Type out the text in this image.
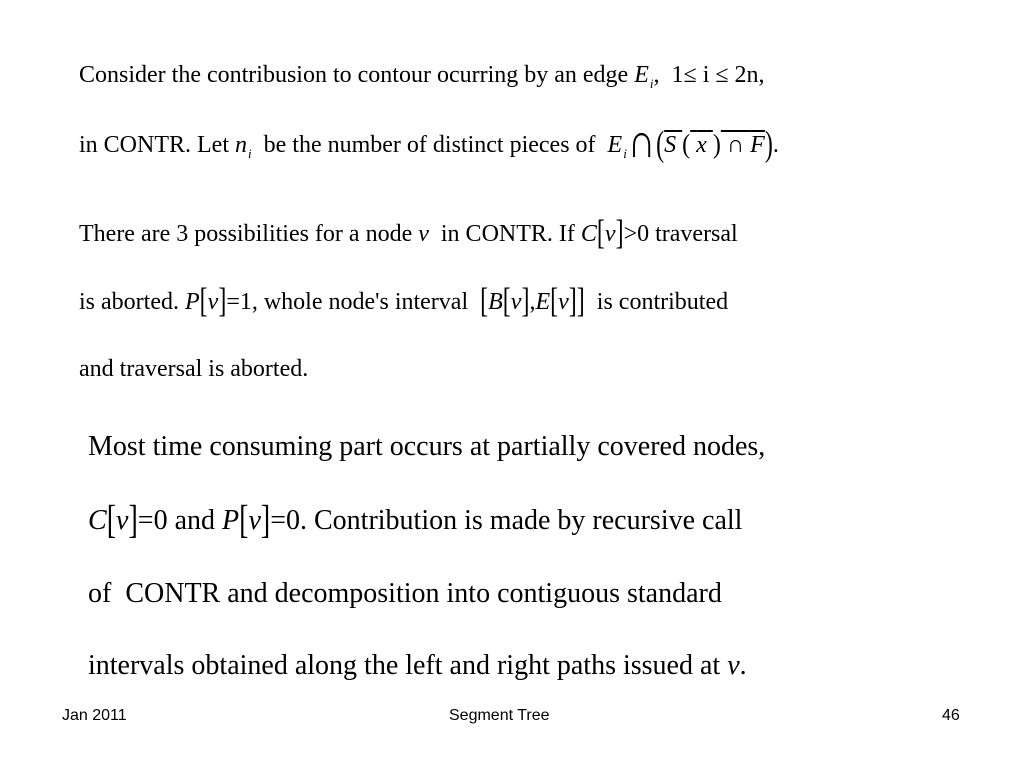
Consider the contribusion to contour ocurring by an edge $E_i$,  1≤ i ≤ 2n,
in CONTR. Let $n_i$ be the number of distinct pieces of $E_i\cap(S$ ( x ) ∩ F).
There are 3 possibilities for a node v in CONTR. If C[v]>0 traversal
is aborted. P[v]=1, whole node's interval [B[v],E[v]] is contributed
and traversal is aborted.
Most time consuming part occurs at partially covered nodes,
C[v]=0 and P[v]=0. Contribution is made by recursive call
of  CONTR and decomposition into contiguous standard
intervals obtained along the left and right paths issued at v.
Jan 2011	Segment Tree	46
